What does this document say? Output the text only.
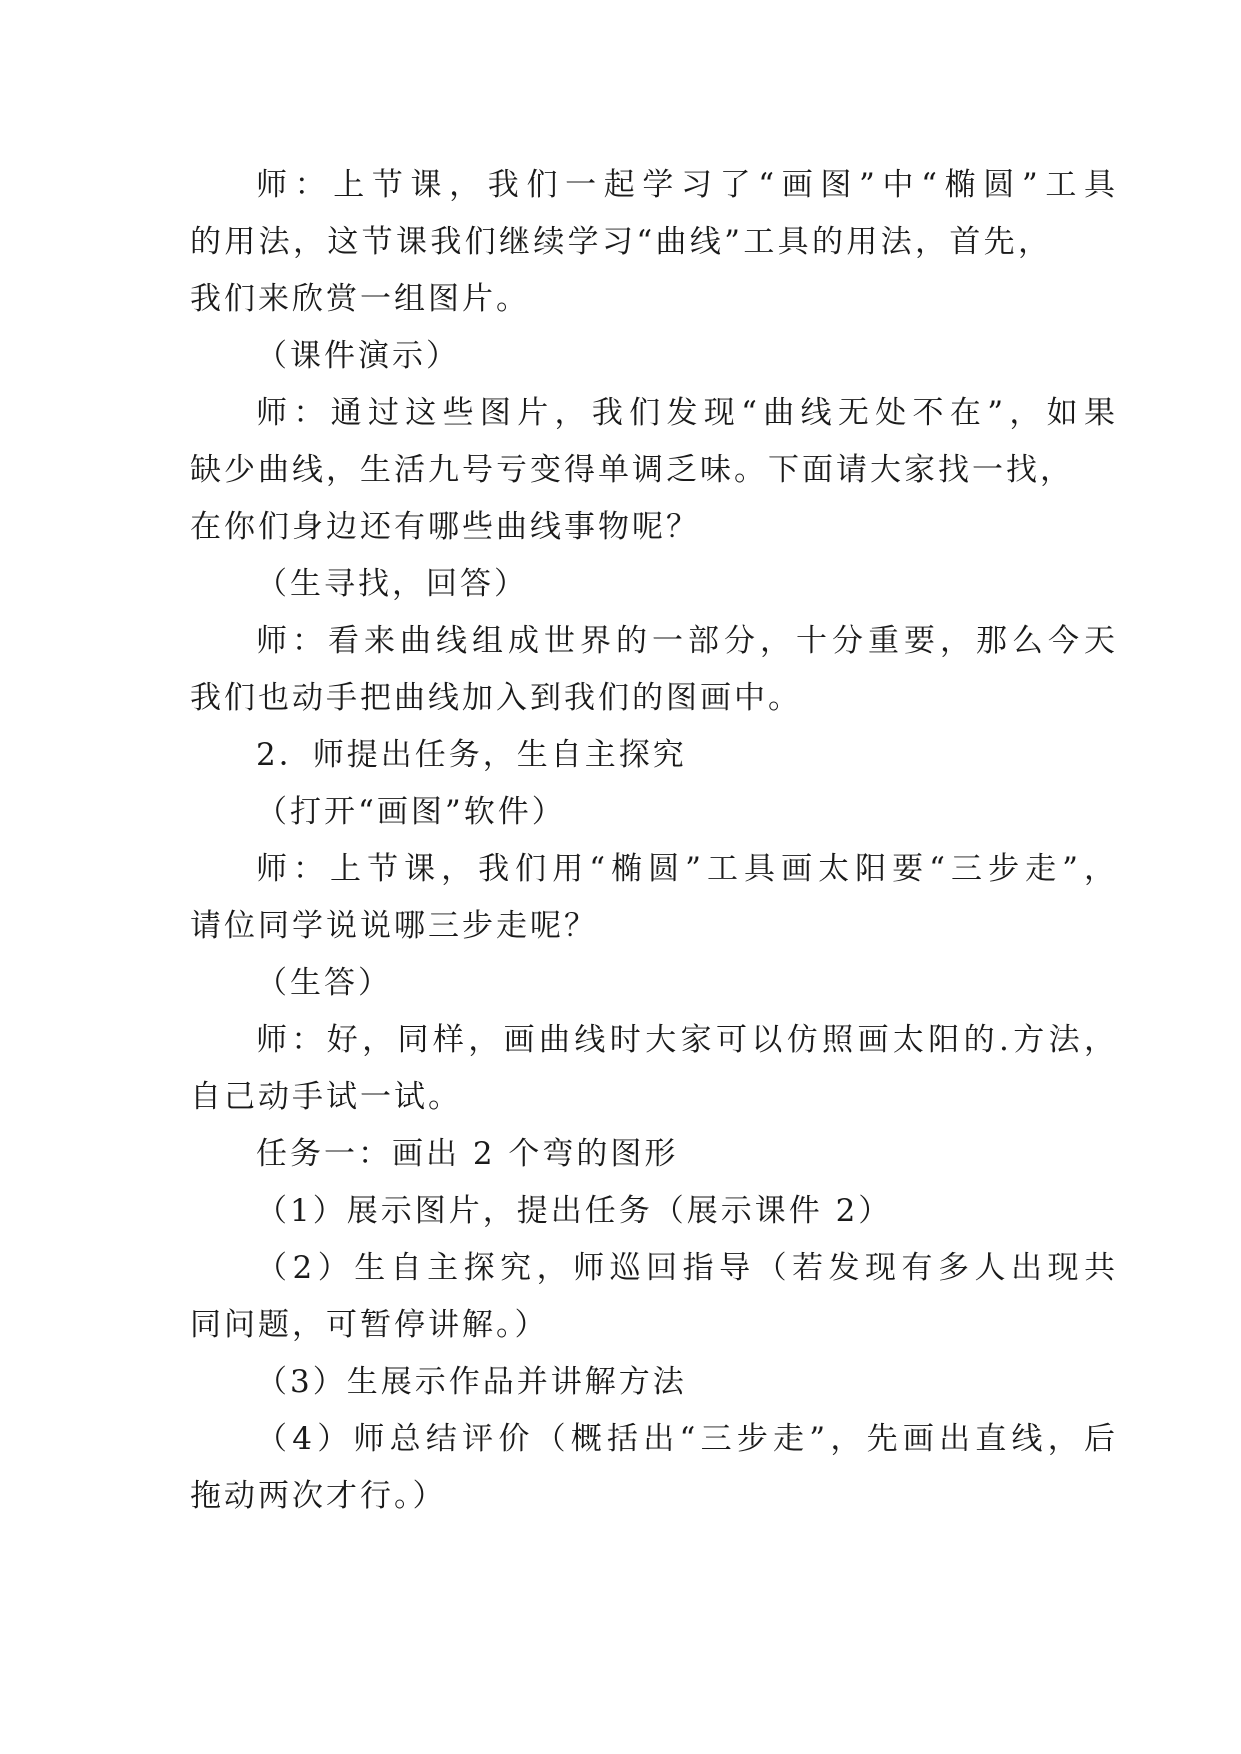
师：上节课，我们一起学习了“画图”中“椭圆”工具
的用法，这节课我们继续学习“曲线”工具的用法，首先，
我们来欣赏一组图片。
（课件演示）
师：通过这些图片，我们发现“曲线无处不在”，如果
缺少曲线，生活九号亏变得单调乏味。下面请大家找一找，
在你们身边还有哪些曲线事物呢？
（生寻找，回答）
师：看来曲线组成世界的一部分，十分重要，那么今天
我们也动手把曲线加入到我们的图画中。
2．师提出任务，生自主探究
（打开“画图”软件）
师：上节课，我们用“椭圆”工具画太阳要“三步走”，
请位同学说说哪三步走呢？
（生答）
师：好，同样，画曲线时大家可以仿照画太阳的.方法，
自己动手试一试。
任务一：画出 2 个弯的图形
（1）展示图片，提出任务（展示课件 2）
（2）生自主探究，师巡回指导（若发现有多人出现共
同问题，可暂停讲解。）
（3）生展示作品并讲解方法
（4）师总结评价（概括出“三步走”，先画出直线，后
拖动两次才行。）
